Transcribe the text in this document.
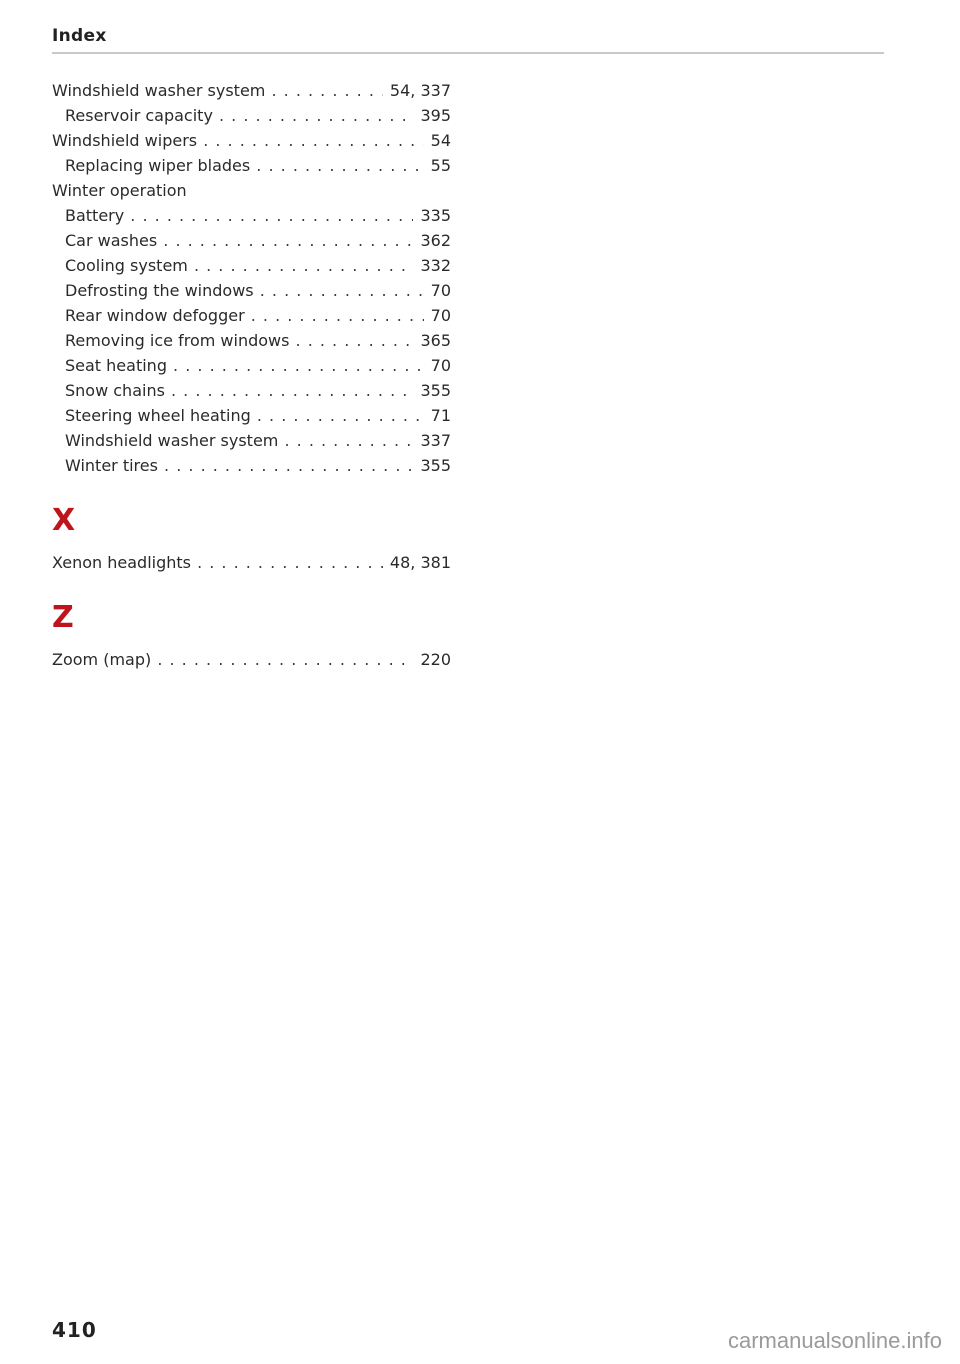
Index
Windshield washer system . . .	54, 337
Reservoir capacity . . .	395
Windshield wipers . . .	54
Replacing wiper blades . . .	55
Winter operation
Battery . . .	335
Car washes . . .	362
Cooling system . . .	332
Defrosting the windows . . .	70
Rear window defogger . . .	70
Removing ice from windows . . .	365
Seat heating . . .	70
Snow chains . . .	355
Steering wheel heating . . .	71
Windshield washer system . . .	337
Winter tires . . .	355
X
Xenon headlights . . .	48, 381
Z
Zoom (map) . . .	220
410	carmanualsonline.info
